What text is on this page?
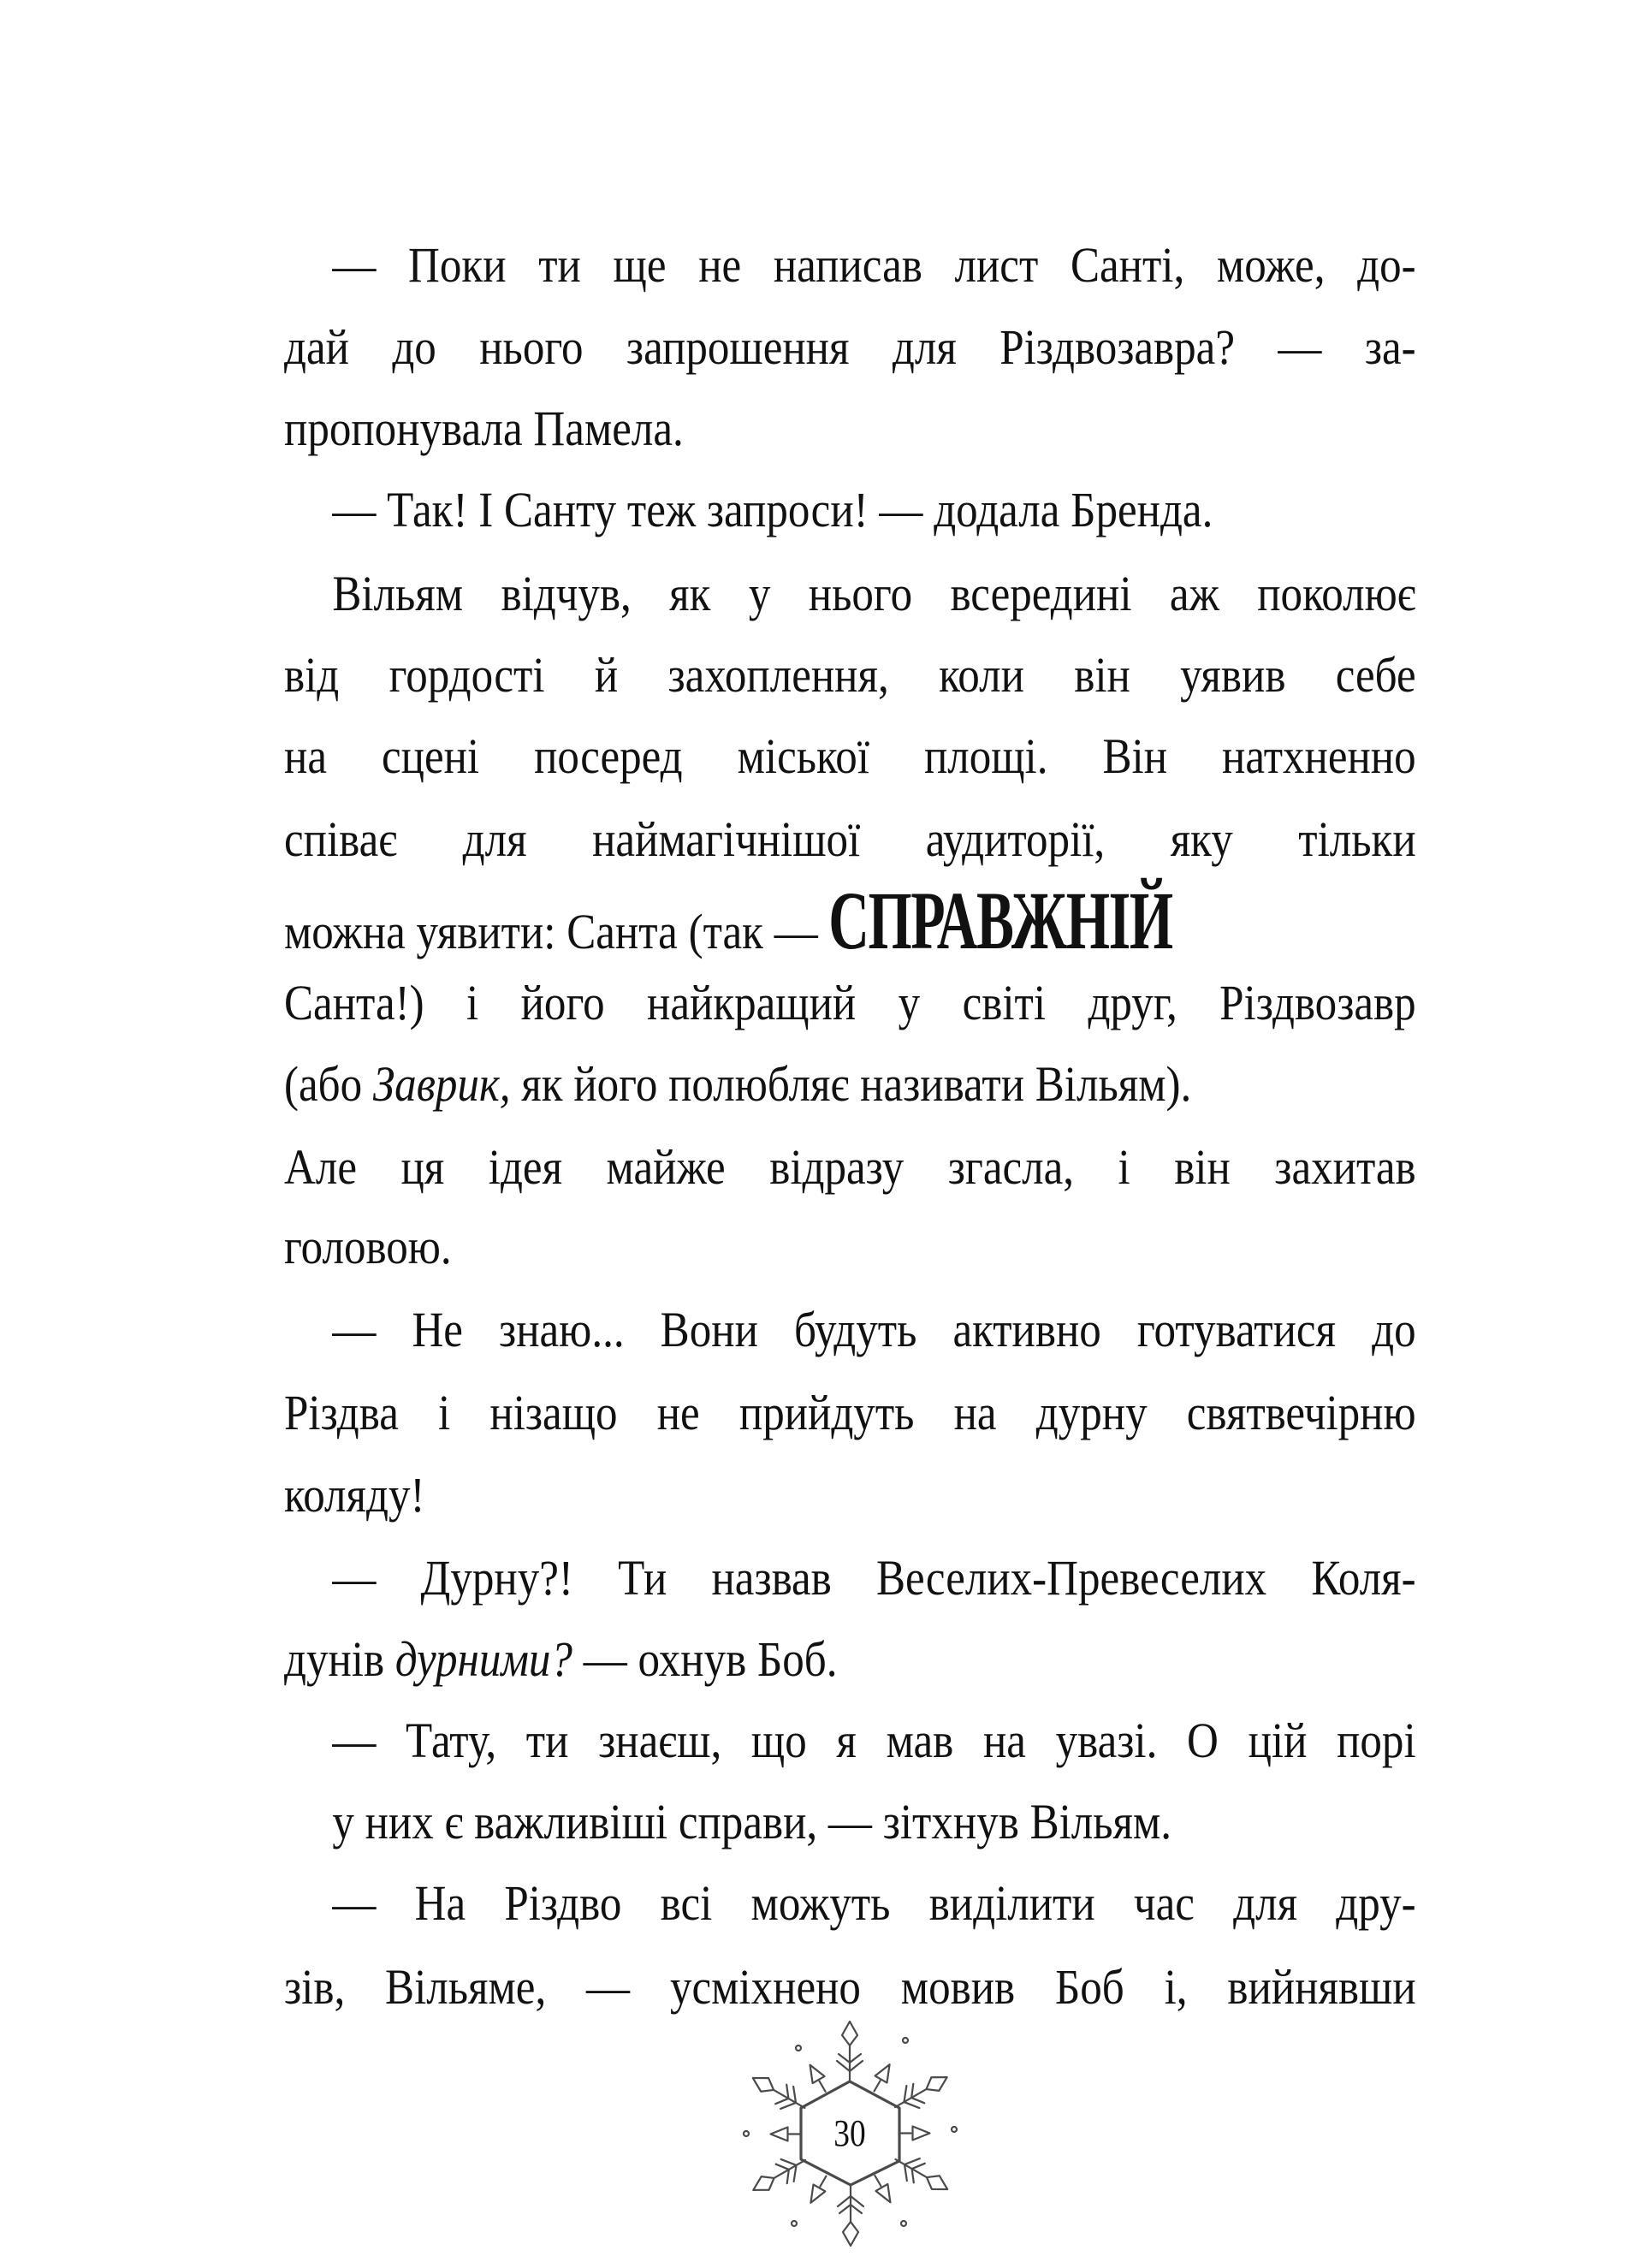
— Поки ти ще не написав лист Санті, може, до-
дай до нього запрошення для Різдвозавра? — за-
пропонувала Памела.
— Так! І Санту теж запроси! — додала Бренда.
Вільям відчув, як у нього всередині аж поколює
від гордості й захоплення, коли він уявив себе
на сцені посеред міської площі. Він натхненно
співає для наймагічнішої аудиторії, яку тільки
можна уявити: Санта (так — СПРАВЖНІЙ
Санта!) і його найкращий у світі друг, Різдвозавр
(або Заврик, як його полюбляє називати Вільям).
Але ця ідея майже відразу згасла, і він захитав
головою.
— Не знаю... Вони будуть активно готуватися до
Різдва і нізащо не прийдуть на дурну святвечірню
коляду!
— Дурну?! Ти назвав Веселих-Превеселих Коля-
дунів дурними? — охнув Боб.
— Тату, ти знаєш, що я мав на увазі. О цій порі
у них є важливіші справи, — зітхнув Вільям.
— На Різдво всі можуть виділити час для дру-
зів, Вільяме, — усміхнено мовив Боб і, вийнявши
30
